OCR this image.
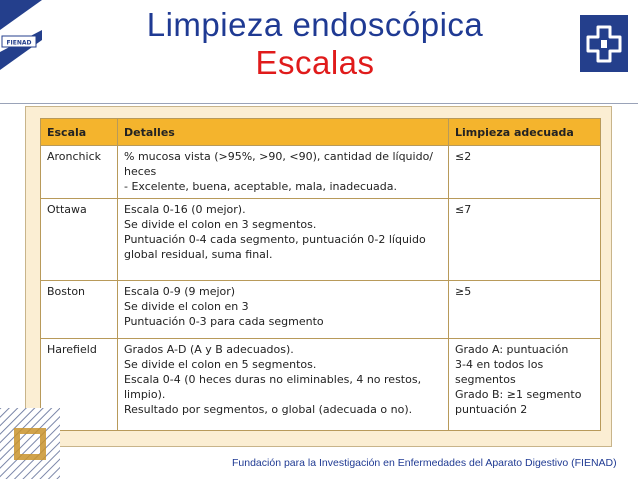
FIENAD	Limpieza endoscópica
Escalas
Escala	Detalles	Limpieza adecuada
Aronchick	% mucosa vista (>95%, >90, <90), cantidad de líquido/
heces
- Excelente, buena, aceptable, mala, inadecuada.	≤2

Ottawa	Escala 0-16 (0 mejor).
Se divide el colon en 3 segmentos.
Puntuación 0-4 cada segmento, puntuación 0-2 líquido
global residual, suma final.	≤7

Boston	Escala 0-9 (9 mejor)
Se divide el colon en 3
Puntuación 0-3 para cada segmento	≥5

Harefield	Grados A-D (A y B adecuados).
Se divide el colon en 5 segmentos.
Escala 0-4 (0 heces duras no eliminables, 4 no restos,
limpio).
Resultado por segmentos, o global (adecuada o no).	Grado A: puntuación
3-4 en todos los
segmentos
Grado B: ≥1 segmento
puntuación 2
Fundación para la Investigación en Enfermedades del Aparato Digestivo (FIENAD)
